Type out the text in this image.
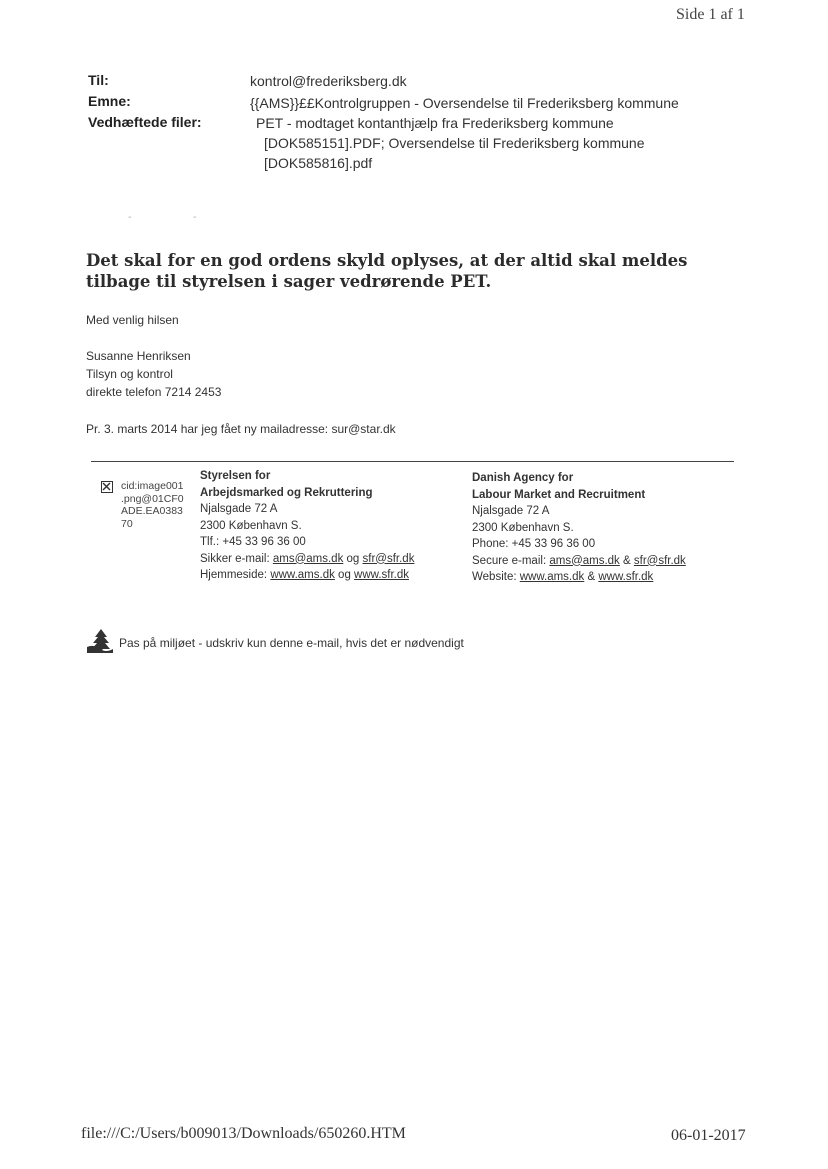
Side 1 af 1
Til:	kontrol@frederiksberg.dk
Emne:	{{AMS}}££Kontrolgruppen - Oversendelse til Frederiksberg kommune
Vedhæftede filer:	PET - modtaget kontanthjælp fra Frederiksberg kommune
[DOK585151].PDF; Oversendelse til Frederiksberg kommune
[DOK585816].pdf
-	-
Det skal for en god ordens skyld oplyses, at der altid skal meldes tilbage til styrelsen i sager vedrørende PET.
Med venlig hilsen
Susanne Henriksen
Tilsyn og kontrol
direkte telefon 7214 2453
Pr. 3. marts 2014 har jeg fået ny mailadresse: sur@star.dk
cid:image001
.png@01CF0
ADE.EA0383
70
Styrelsen for
Arbejdsmarked og Rekruttering
Njalsgade 72 A
2300 København S.
Tlf.: +45 33 96 36 00
Sikker e-mail: ams@ams.dk og sfr@sfr.dk
Hjemmeside: www.ams.dk og www.sfr.dk
Danish Agency for
Labour Market and Recruitment
Njalsgade 72 A
2300 København S.
Phone: +45 33 96 36 00
Secure e-mail: ams@ams.dk & sfr@sfr.dk
Website: www.ams.dk & www.sfr.dk
Pas på miljøet - udskriv kun denne e-mail, hvis det er nødvendigt
file:///C:/Users/b009013/Downloads/650260.HTM	06-01-2017
